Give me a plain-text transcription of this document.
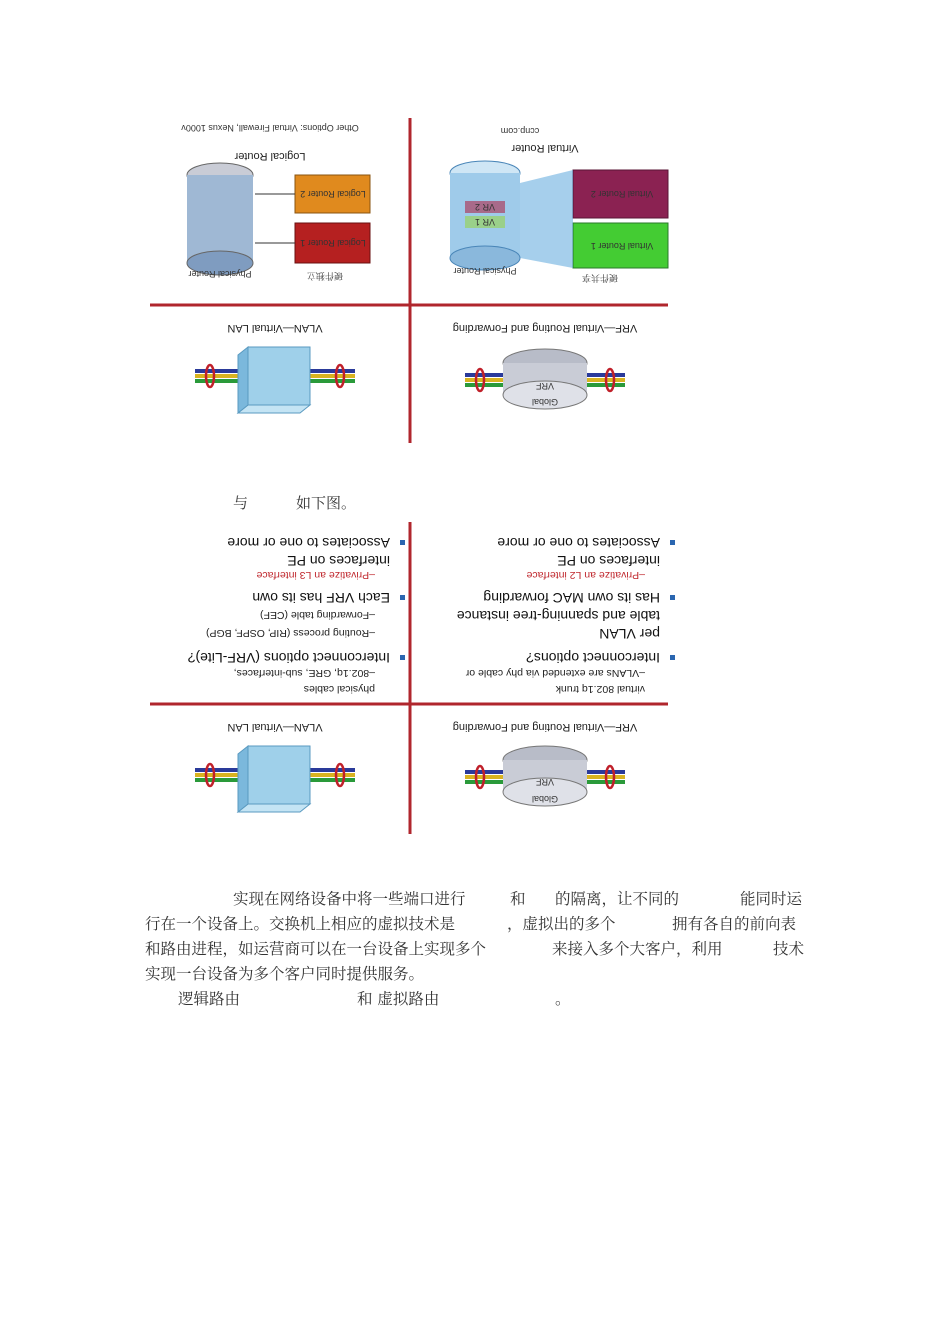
VRF—Virtual Routing and Forwarding
VRF
Global
VLAN—Virtual LAN
Virtual Router
硬件共享
Virtual Router 1
Virtual Router 2
VR 1
VR 2
Physical Router
ccnp.com
Logical Router
Other Options: Virtual Firewall, Nexus 1000v
硬件独立
Logical Router 1
Logical Router 2
Physical Router
与	如下图。
VRF—Virtual Routing and Forwarding
VRF
Global
VLAN—Virtual LAN
Associates to one or more
interfaces on PE
–Privatize an L3 interface
Each VRF has its own
–Forwarding table (CEF)
–Routing process (RIP, OSPF, BGP)
Interconnect options (VRF-Lite)?
–802.1q, GRE, sub-interfaces,
physical cables
Associates to one or more
interfaces on PE
–Privatize an L2 interface
Has its own MAC forwarding
table and spanning-tree instance
per VLAN
Interconnect options?
–VLANs are extended via phy cable or
virtual 802.1q trunk
实现在网络设备中将一些端口进行	和 的隔离，让不同的	能同时运
行在一个设备上。交换机上相应的虚拟技术是	，虚拟出的多个	拥有各自的前向表
和路由进程，如运营商可以在一台设备上实现多个	来接入多个大客户，利用	技术
实现一台设备为多个客户同时提供服务。
逻辑路由	和 虚拟路由	。
